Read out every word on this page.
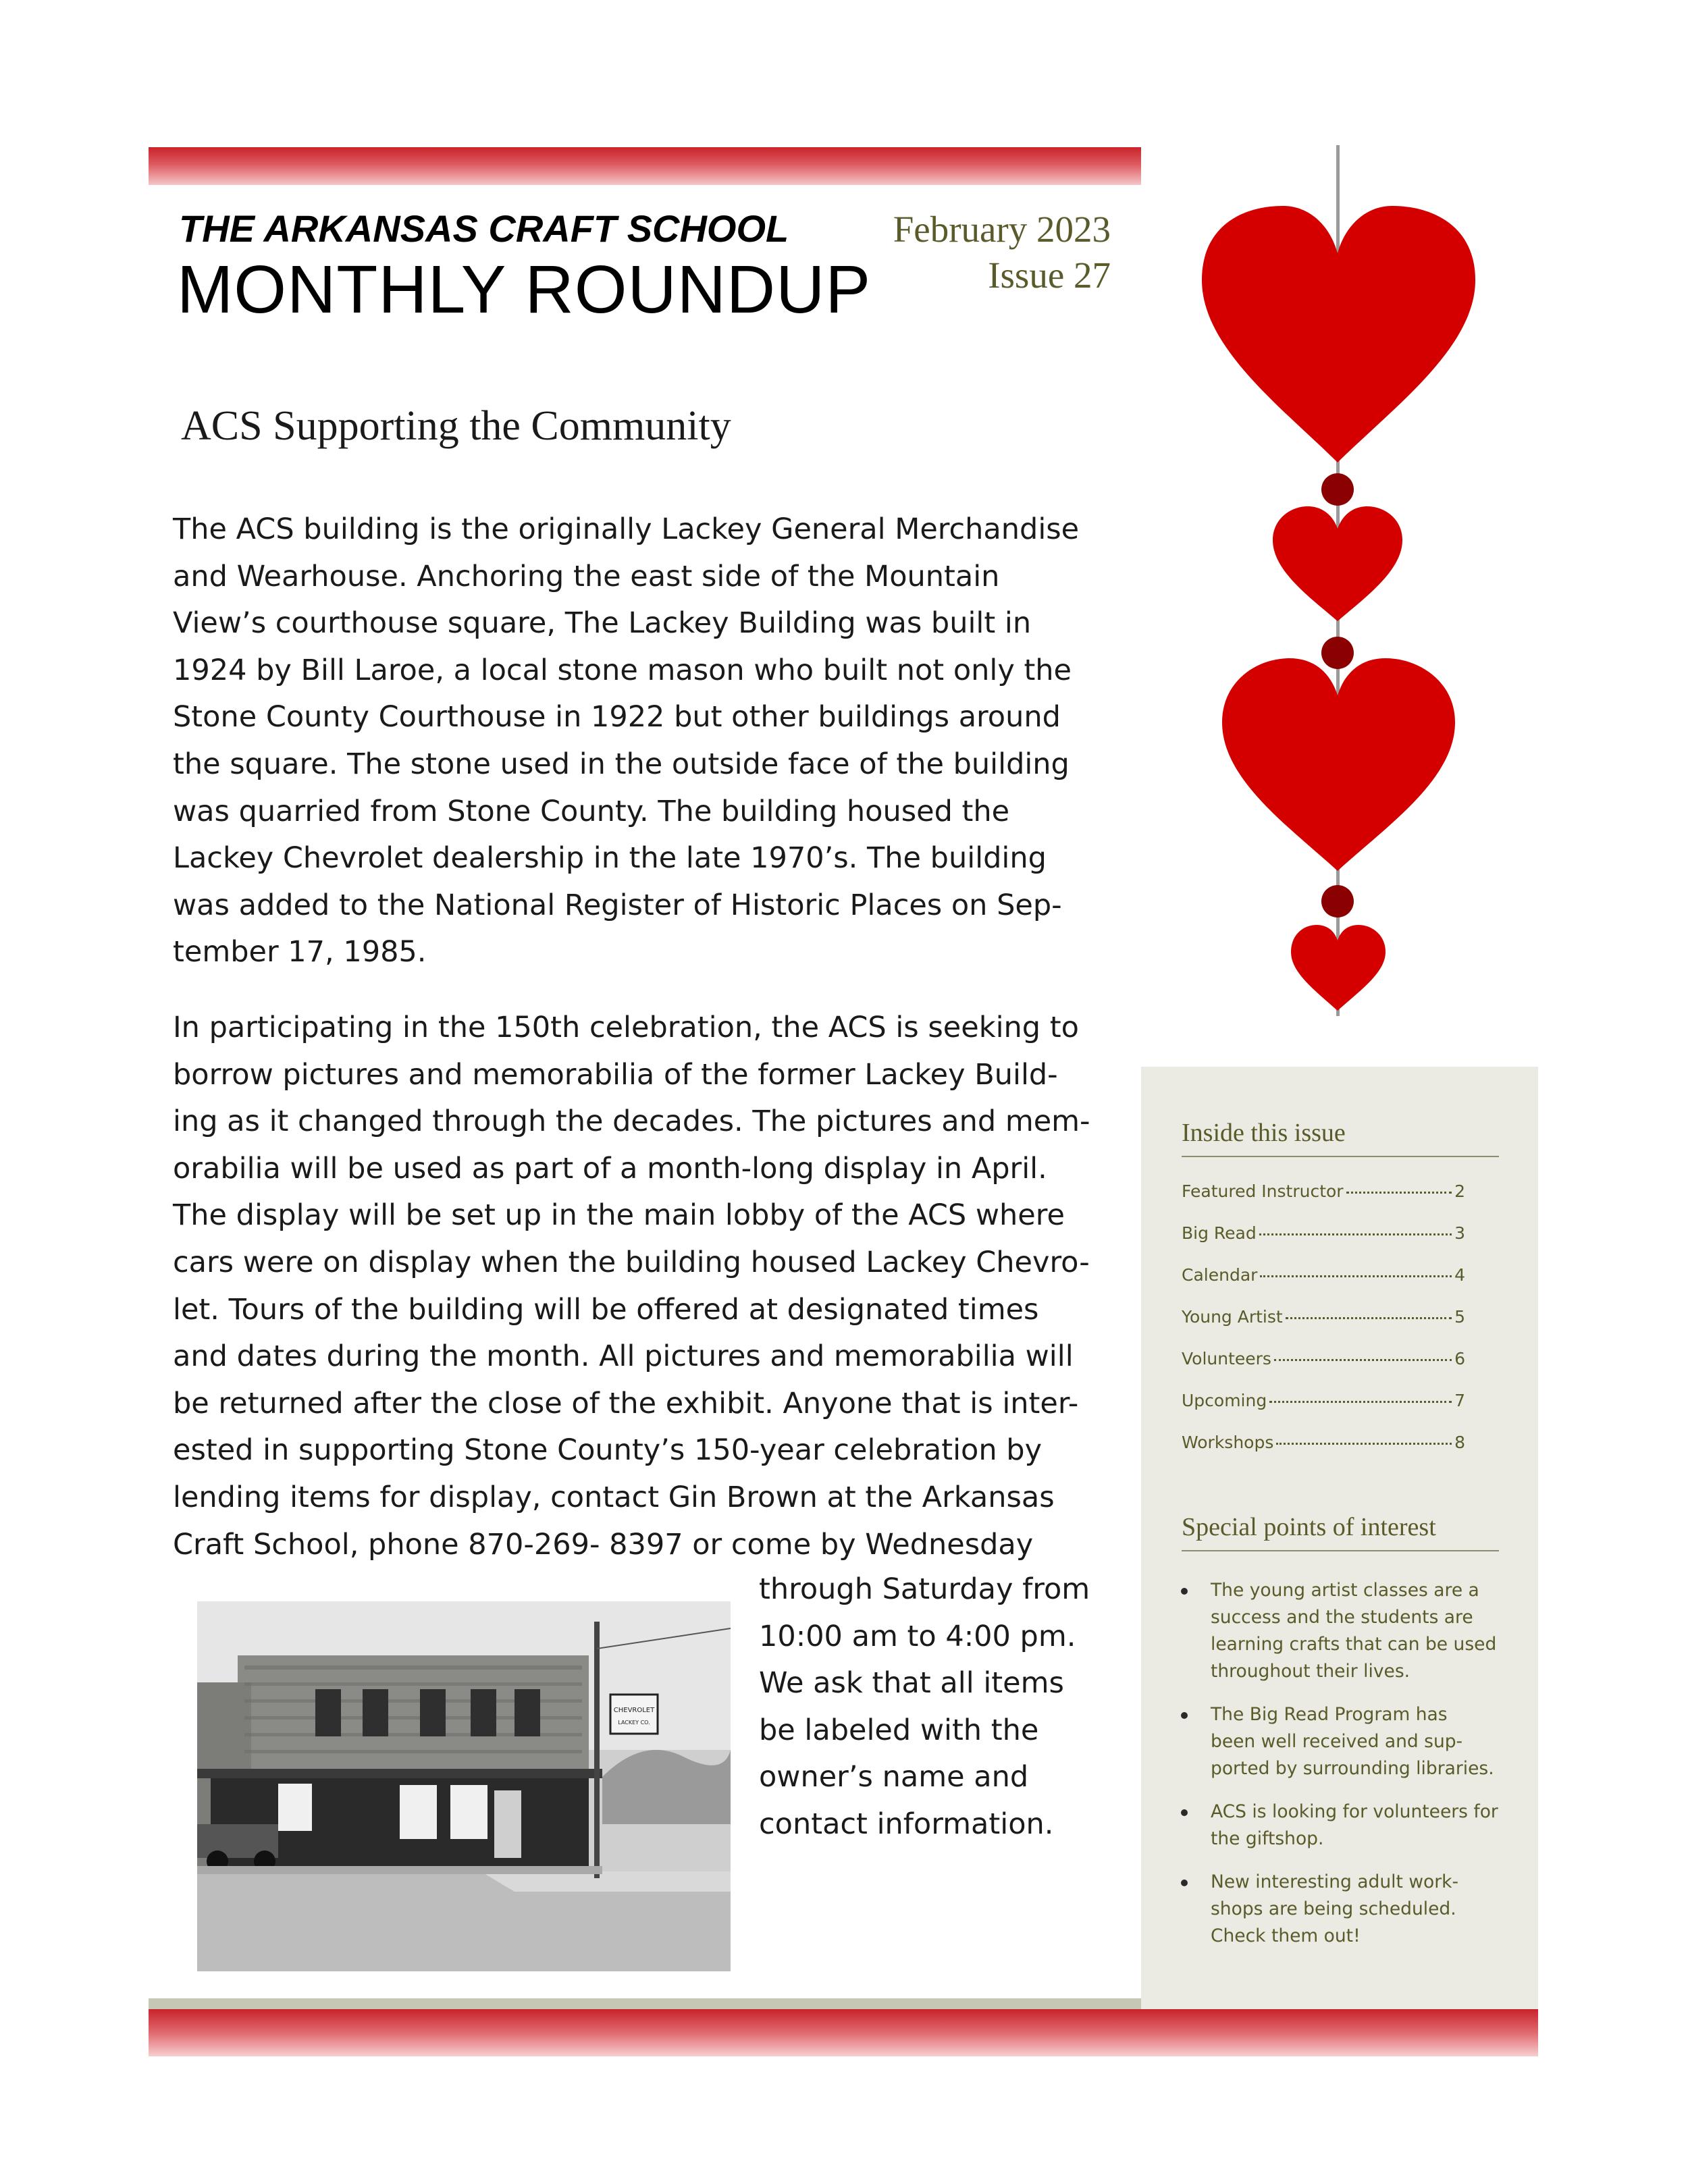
THE ARKANSAS CRAFT SCHOOL
MONTHLY ROUNDUP
February 2023
Issue 27
ACS Supporting the Community
The ACS building is the originally Lackey General Merchandise
and Wearhouse. Anchoring the east side of the Mountain
View’s courthouse square, The Lackey Building was built in
1924 by Bill Laroe, a local stone mason who built not only the
Stone County Courthouse in 1922 but other buildings around
the square. The stone used in the outside face of the building
was quarried from Stone County. The building housed the
Lackey Chevrolet dealership in the late 1970’s. The building
was added to the National Register of Historic Places on Sep-
tember 17, 1985.
In participating in the 150th celebration, the ACS is seeking to
borrow pictures and memorabilia of the former Lackey Build-
ing as it changed through the decades. The pictures and mem-
orabilia will be used as part of a month-long display in April.
The display will be set up in the main lobby of the ACS where
cars were on display when the building housed Lackey Chevro-
let. Tours of the building will be offered at designated times
and dates during the month. All pictures and memorabilia will
be returned after the close of the exhibit. Anyone that is inter-
ested in supporting Stone County’s 150-year celebration by
lending items for display, contact Gin Brown at the Arkansas
Craft School, phone 870-269- 8397 or come by Wednesday
through Saturday from
10:00 am to 4:00 pm.
We ask that all items
be labeled with the
owner’s name and
contact information.
CHEVROLET
LACKEY CO.
Inside this issue
Featured Instructor	2
Big Read	3
Calendar	4
Young Artist	5
Volunteers	6
Upcoming	7
Workshops	8
Special points of interest
The young artist classes are a
success and the students are
learning crafts that can be used
throughout their lives.
The Big Read Program has
been well received and sup-
ported by surrounding libraries.
ACS is looking for volunteers for
the giftshop.
New interesting adult work-
shops are being scheduled.
Check them out!
